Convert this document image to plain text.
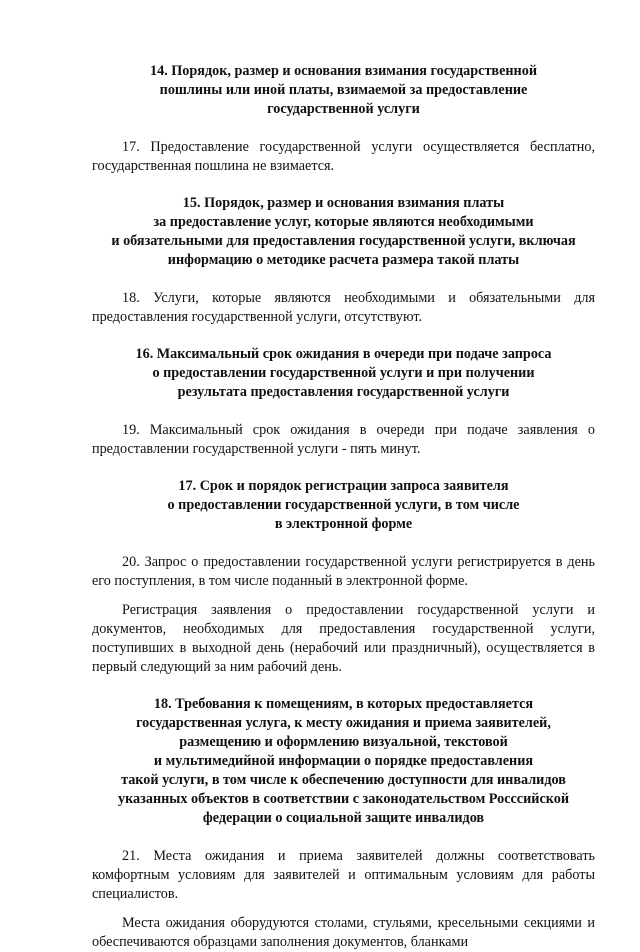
14. Порядок, размер и основания взимания государственной
пошлины или иной платы, взимаемой за предоставление
государственной услуги

17. Предоставление государственной услуги осуществляется бесплатно, государственная пошлина не взимается.

15. Порядок, размер и основания взимания платы
за предоставление услуг, которые являются необходимыми
и обязательными для предоставления государственной услуги, включая
информацию о методике расчета размера такой платы

18. Услуги, которые являются необходимыми и обязательными для предоставления государственной услуги, отсутствуют.

16. Максимальный срок ожидания в очереди при подаче запроса
о предоставлении государственной услуги и при получении
результата предоставления государственной услуги

19. Максимальный срок ожидания в очереди при подаче заявления о предоставлении государственной услуги - пять минут.

17. Срок и порядок регистрации запроса заявителя
о предоставлении государственной услуги, в том числе
в электронной форме

20. Запрос о предоставлении государственной услуги регистрируется в день его поступления, в том числе поданный в электронной форме.

Регистрация заявления о предоставлении государственной услуги и документов, необходимых для предоставления государственной услуги, поступивших в выходной день (нерабочий или праздничный), осуществляется в первый следующий за ним рабочий день.

18. Требования к помещениям, в которых предоставляется
государственная услуга, к месту ожидания и приема заявителей,
размещению и оформлению визуальной, текстовой
и мультимедийной информации о порядке предоставления
такой услуги, в том числе к обеспечению доступности для инвалидов
указанных объектов в соответствии с законодательством Росссийской
федерации о социальной защите инвалидов

21. Места ожидания и приема заявителей должны соответствовать комфортным условиям для заявителей и оптимальным условиям для работы специалистов.

Места ожидания оборудуются столами, стульями, кресельными секциями и обеспечиваются образцами заполнения документов, бланками
